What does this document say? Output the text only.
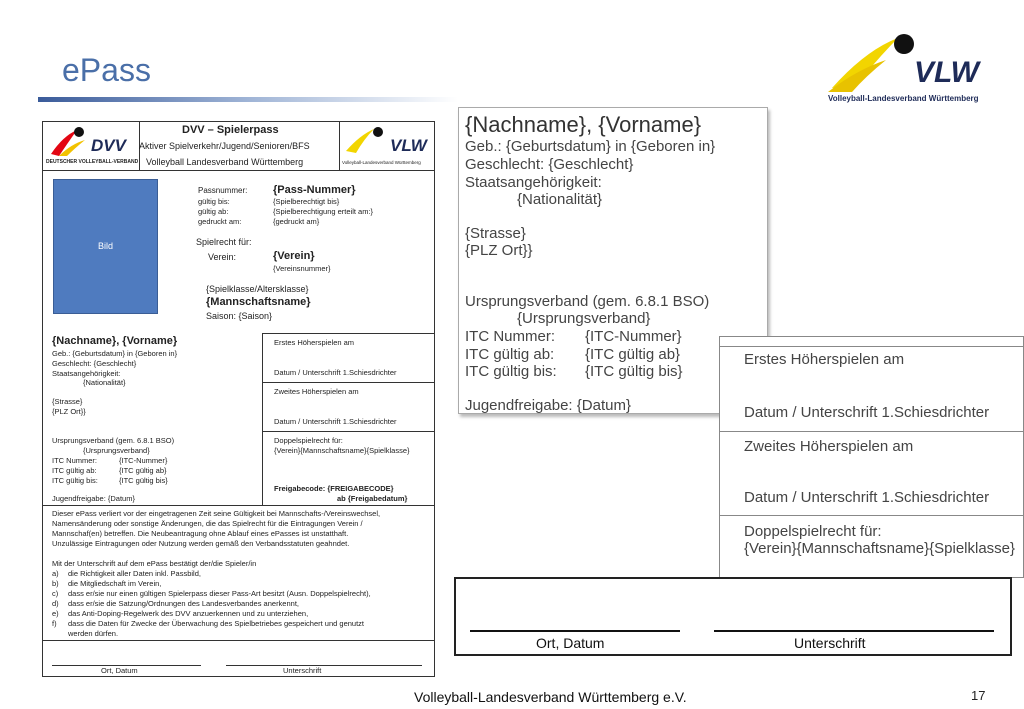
ePass	VLW
Volleyball-Landesverband Württemberg
DVV
DEUTSCHER VOLLEYBALL-VERBAND
DVV – Spielerpass
Aktiver Spielverkehr/Jugend/Senioren/BFS
Volleyball Landesverband Württemberg
VLW
Volleyball-Landesverband Württemberg
Bild
Passnummer: {Pass-Nummer}
gültig bis:	{Spielberechtigt bis}
gültig ab:	{Spielberechtigung erteilt am:}
gedruckt am:	{gedruckt am}
Spielrecht für:
Verein:	{Verein}
{Vereinsnummer}
{Spielklasse/Altersklasse}
{Mannschaftsname}
Saison: {Saison}
Erstes Höherspielen am
Datum / Unterschrift 1.Schiesdrichter
Zweites Höherspielen am
Datum / Unterschrift 1.Schiesdrichter
Doppelspielrecht für:
{Verein}{Mannschaftsname}{Spielklasse}
Freigabecode: {FREIGABECODE}
ab {Freigabedatum}
{Nachname}, {Vorname}
Geb.: {Geburtsdatum} in {Geboren in}
Geschlecht: {Geschlecht}
Staatsangehörigkeit:
{Nationalität}
{Strasse}
{PLZ Ort}}
Ursprungsverband (gem. 6.8.1 BSO)
{Ursprungsverband}
ITC Nummer:	{ITC-Nummer}
ITC gültig ab:	{ITC gültig ab}
ITC gültig bis:	{ITC gültig bis}
Jugendfreigabe: {Datum}
Dieser ePass verliert vor der eingetragenen Zeit seine Gültigkeit bei Mannschafts-/Vereinswechsel,
Namensänderung oder sonstige Änderungen, die das Spielrecht für die Eintragungen Verein /
Mannschaf(en) betreffen. Die Neubeantragung ohne Ablauf eines ePasses ist unstatthaft.
Unzulässige Eintragungen oder Nutzung werden gemäß den Verbandsstatuten geahndet.
Mit der Unterschrift auf dem ePass bestätigt der/die Spieler/in
a) die Richtigkeit aller Daten inkl. Passbild,
b) die Mitgliedschaft im Verein,
c) dass er/sie nur einen gültigen Spielerpass dieser Pass-Art besitzt (Ausn. Doppelspielrecht),
d) dass er/sie die Satzung/Ordnungen des Landesverbandes anerkennt,
e) das Anti-Doping-Regelwerk des DVV anzuerkennen und zu unterziehen,
f) dass die Daten für Zwecke der Überwachung des Spielbetriebes gespeichert und genutzt
werden dürfen.
Ort, Datum	Unterschrift
{Nachname}, {Vorname}
Geb.: {Geburtsdatum} in {Geboren in}
Geschlecht: {Geschlecht}
Staatsangehörigkeit:
{Nationalität}
{Strasse}
{PLZ Ort}}
Ursprungsverband (gem. 6.8.1 BSO)
{Ursprungsverband}
ITC Nummer: {ITC-Nummer}
ITC gültig ab: {ITC gültig ab}
ITC gültig bis: {ITC gültig bis}
Jugendfreigabe: {Datum}
Erstes Höherspielen am
Datum / Unterschrift 1.Schiesdrichter
Zweites Höherspielen am
Datum / Unterschrift 1.Schiesdrichter
Doppelspielrecht für:
{Verein}{Mannschaftsname}{Spielklasse}
Ort, Datum	Unterschrift
Volleyball-Landesverband Württemberg e.V.	17
